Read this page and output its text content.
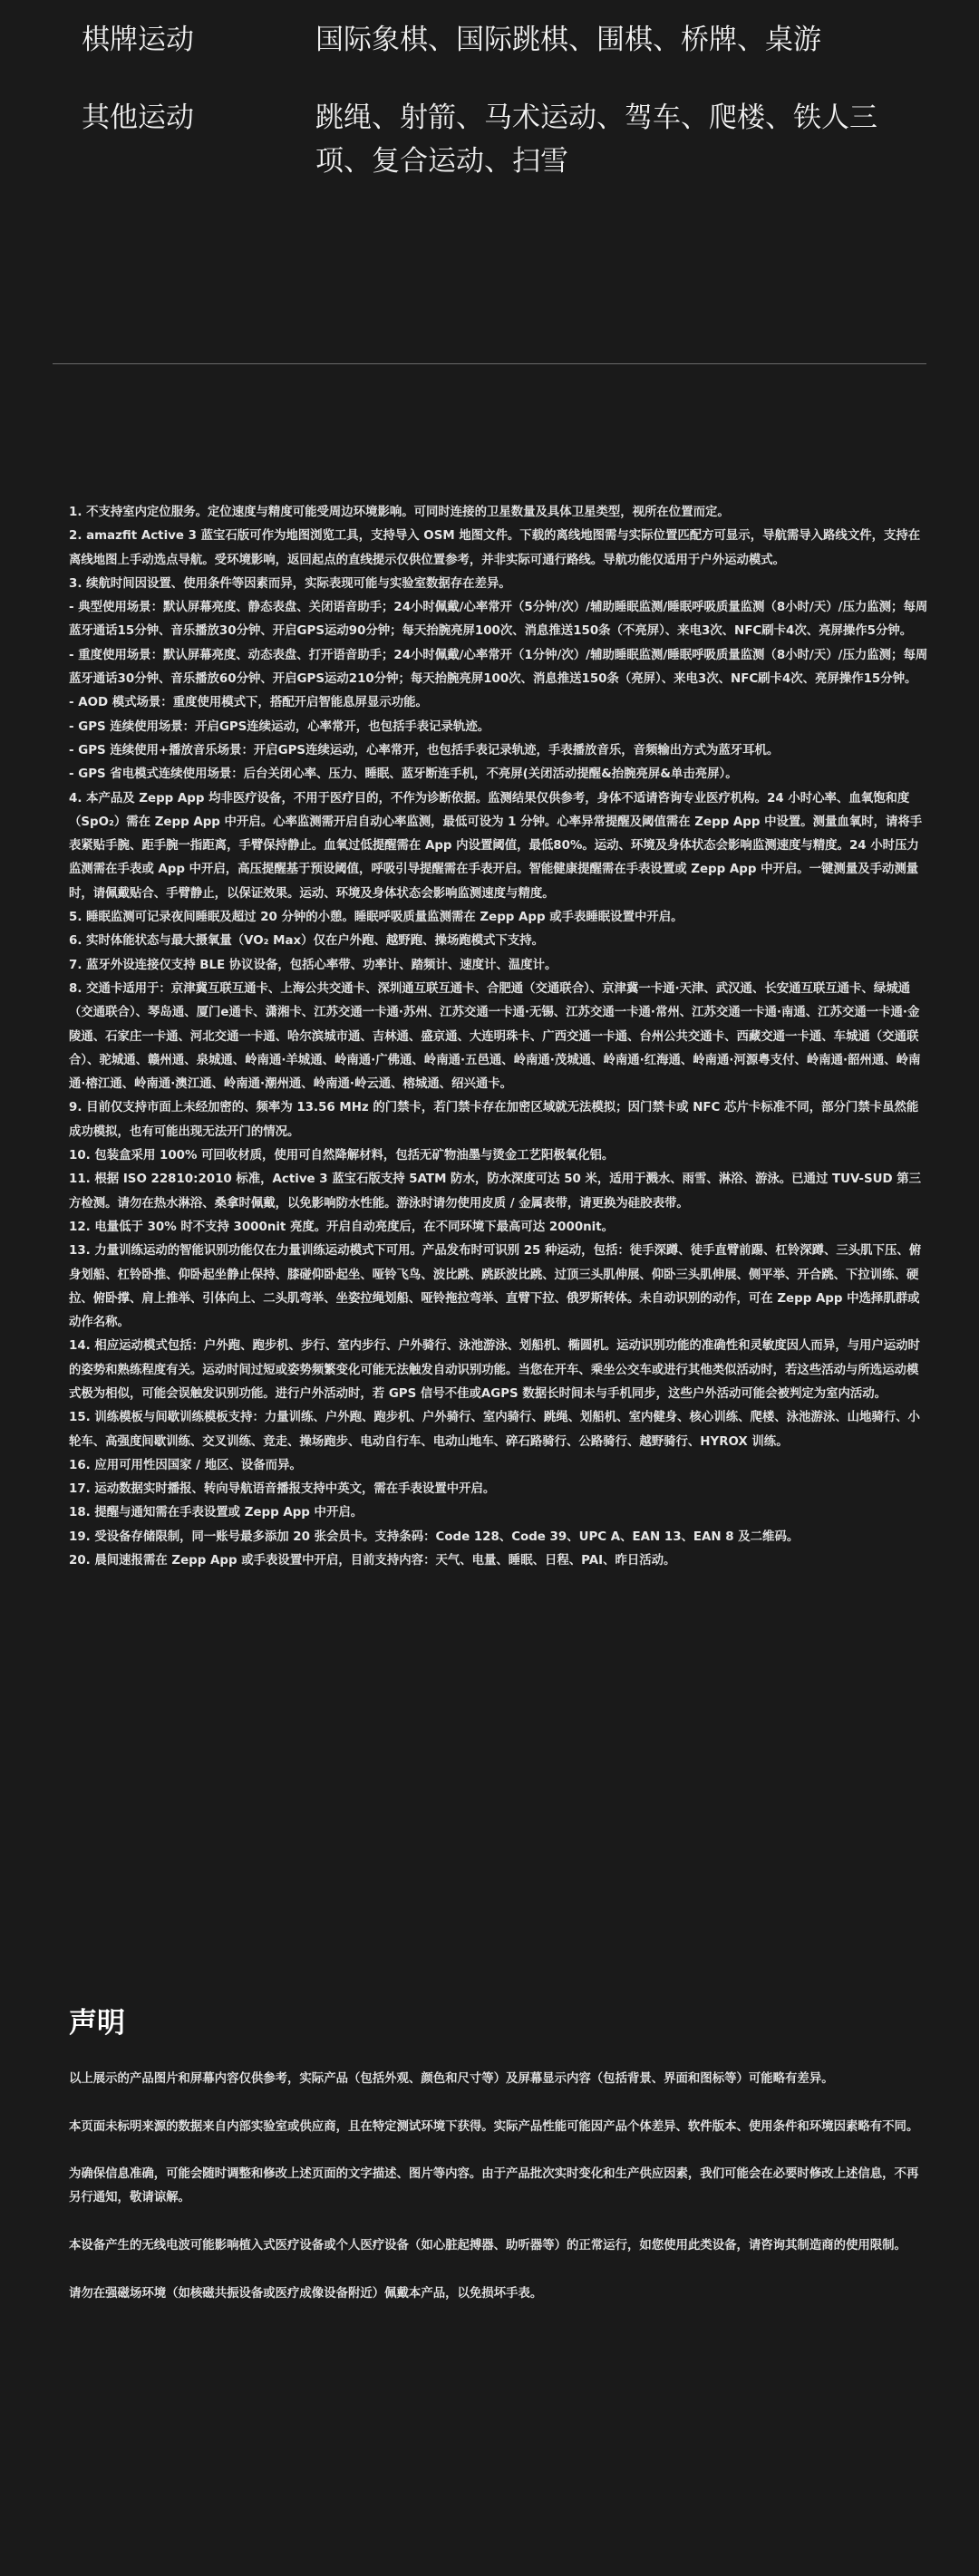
棋牌运动	国际象棋、国际跳棋、围棋、桥牌、桌游
其他运动	跳绳、射箭、马术运动、驾车、爬楼、铁人三项、复合运动、扫雪

1. 不支持室内定位服务。定位速度与精度可能受周边环境影响。可同时连接的卫星数量及具体卫星类型，视所在位置而定。

2. amazfit Active 3 蓝宝石版可作为地图浏览工具，支持导入 OSM 地图文件。下载的离线地图需与实际位置匹配方可显示，导航需导入路线文件，支持在离线地图上手动选点导航。受环境影响，返回起点的直线提示仅供位置参考，并非实际可通行路线。导航功能仅适用于户外运动模式。

3. 续航时间因设置、使用条件等因素而异，实际表现可能与实验室数据存在差异。

- 典型使用场景：默认屏幕亮度、静态表盘、关闭语音助手；24小时佩戴/心率常开（5分钟/次）/辅助睡眠监测/睡眠呼吸质量监测（8小时/天）/压力监测；每周蓝牙通话15分钟、音乐播放30分钟、开启GPS运动90分钟；每天抬腕亮屏100次、消息推送150条（不亮屏）、来电3次、NFC刷卡4次、亮屏操作5分钟。

- 重度使用场景：默认屏幕亮度、动态表盘、打开语音助手；24小时佩戴/心率常开（1分钟/次）/辅助睡眠监测/睡眠呼吸质量监测（8小时/天）/压力监测；每周蓝牙通话30分钟、音乐播放60分钟、开启GPS运动210分钟；每天抬腕亮屏100次、消息推送150条（亮屏）、来电3次、NFC刷卡4次、亮屏操作15分钟。

- AOD 模式场景：重度使用模式下，搭配开启智能息屏显示功能。

- GPS 连续使用场景：开启GPS连续运动，心率常开，也包括手表记录轨迹。

- GPS 连续使用+播放音乐场景：开启GPS连续运动，心率常开，也包括手表记录轨迹，手表播放音乐，音频输出方式为蓝牙耳机。

- GPS 省电模式连续使用场景：后台关闭心率、压力、睡眠、蓝牙断连手机，不亮屏(关闭活动提醒&抬腕亮屏&单击亮屏）。

4. 本产品及 Zepp App 均非医疗设备，不用于医疗目的，不作为诊断依据。监测结果仅供参考，身体不适请咨询专业医疗机构。24 小时心率、血氧饱和度（SpO₂）需在 Zepp App 中开启。心率监测需开启自动心率监测，最低可设为 1 分钟。心率异常提醒及阈值需在 Zepp App 中设置。测量血氧时，请将手表紧贴手腕、距手腕一指距离，手臂保持静止。血氧过低提醒需在 App 内设置阈值，最低80%。运动、环境及身体状态会影响监测速度与精度。24 小时压力监测需在手表或 App 中开启，高压提醒基于预设阈值，呼吸引导提醒需在手表开启。智能健康提醒需在手表设置或 Zepp App 中开启。一键测量及手动测量时，请佩戴贴合、手臂静止，以保证效果。运动、环境及身体状态会影响监测速度与精度。

5. 睡眠监测可记录夜间睡眠及超过 20 分钟的小憩。睡眠呼吸质量监测需在 Zepp App 或手表睡眠设置中开启。

6. 实时体能状态与最大摄氧量（VO₂ Max）仅在户外跑、越野跑、操场跑模式下支持。

7. 蓝牙外设连接仅支持 BLE 协议设备，包括心率带、功率计、踏频计、速度计、温度计。

8. 交通卡适用于：京津冀互联互通卡、上海公共交通卡、深圳通互联互通卡、合肥通（交通联合）、京津冀一卡通·天津、武汉通、长安通互联互通卡、绿城通（交通联合）、琴岛通、厦门e通卡、潇湘卡、江苏交通一卡通·苏州、江苏交通一卡通·无锡、江苏交通一卡通·常州、江苏交通一卡通·南通、江苏交通一卡通·金陵通、石家庄一卡通、河北交通一卡通、哈尔滨城市通、吉林通、盛京通、大连明珠卡、广西交通一卡通、台州公共交通卡、西藏交通一卡通、车城通（交通联合）、驼城通、赣州通、泉城通、岭南通·羊城通、岭南通·广佛通、岭南通·五邑通、岭南通·茂城通、岭南通·红海通、岭南通·河源粤支付、岭南通·韶州通、岭南通·榕江通、岭南通·澳江通、岭南通·潮州通、岭南通·岭云通、榕城通、绍兴通卡。

9. 目前仅支持市面上未经加密的、频率为 13.56 MHz 的门禁卡，若门禁卡存在加密区域就无法模拟；因门禁卡或 NFC 芯片卡标准不同，部分门禁卡虽然能成功模拟，也有可能出现无法开门的情况。

10. 包装盒采用 100% 可回收材质，使用可自然降解材料，包括无矿物油墨与烫金工艺阳极氧化铝。

11. 根据 ISO 22810:2010 标准，Active 3 蓝宝石版支持 5ATM 防水，防水深度可达 50 米，适用于溅水、雨雪、淋浴、游泳。已通过 TUV-SUD 第三方检测。请勿在热水淋浴、桑拿时佩戴，以免影响防水性能。游泳时请勿使用皮质 / 金属表带，请更换为硅胶表带。

12. 电量低于 30% 时不支持 3000nit 亮度。开启自动亮度后，在不同环境下最高可达 2000nit。

13. 力量训练运动的智能识别功能仅在力量训练运动模式下可用。产品发布时可识别 25 种运动，包括：徒手深蹲、徒手直臂前踢、杠铃深蹲、三头肌下压、俯身划船、杠铃卧推、仰卧起坐静止保持、膝碰仰卧起坐、哑铃飞鸟、波比跳、跳跃波比跳、过顶三头肌伸展、仰卧三头肌伸展、侧平举、开合跳、下拉训练、硬拉、俯卧撑、肩上推举、引体向上、二头肌弯举、坐姿拉绳划船、哑铃拖拉弯举、直臂下拉、俄罗斯转体。未自动识别的动作，可在 Zepp App 中选择肌群或动作名称。

14. 相应运动模式包括：户外跑、跑步机、步行、室内步行、户外骑行、泳池游泳、划船机、椭圆机。运动识别功能的准确性和灵敏度因人而异，与用户运动时的姿势和熟练程度有关。运动时间过短或姿势频繁变化可能无法触发自动识别功能。当您在开车、乘坐公交车或进行其他类似活动时，若这些活动与所选运动模式极为相似，可能会误触发识别功能。进行户外活动时，若 GPS 信号不佳或AGPS 数据长时间未与手机同步，这些户外活动可能会被判定为室内活动。

15. 训练模板与间歇训练模板支持：力量训练、户外跑、跑步机、户外骑行、室内骑行、跳绳、划船机、室内健身、核心训练、爬楼、泳池游泳、山地骑行、小轮车、高强度间歇训练、交叉训练、竞走、操场跑步、电动自行车、电动山地车、碎石路骑行、公路骑行、越野骑行、HYROX 训练。

16. 应用可用性因国家 / 地区、设备而异。

17. 运动数据实时播报、转向导航语音播报支持中英文，需在手表设置中开启。

18. 提醒与通知需在手表设置或 Zepp App 中开启。

19. 受设备存储限制，同一账号最多添加 20 张会员卡。支持条码：Code 128、Code 39、UPC A、EAN 13、EAN 8 及二维码。

20. 晨间速报需在 Zepp App 或手表设置中开启，目前支持内容：天气、电量、睡眠、日程、PAI、昨日活动。

声明

以上展示的产品图片和屏幕内容仅供参考，实际产品（包括外观、颜色和尺寸等）及屏幕显示内容（包括背景、界面和图标等）可能略有差异。

本页面未标明来源的数据来自内部实验室或供应商，且在特定测试环境下获得。实际产品性能可能因产品个体差异、软件版本、使用条件和环境因素略有不同。

为确保信息准确，可能会随时调整和修改上述页面的文字描述、图片等内容。由于产品批次实时变化和生产供应因素，我们可能会在必要时修改上述信息，不再另行通知，敬请谅解。

本设备产生的无线电波可能影响植入式医疗设备或个人医疗设备（如心脏起搏器、助听器等）的正常运行，如您使用此类设备，请咨询其制造商的使用限制。

请勿在强磁场环境（如核磁共振设备或医疗成像设备附近）佩戴本产品，以免损坏手表。
